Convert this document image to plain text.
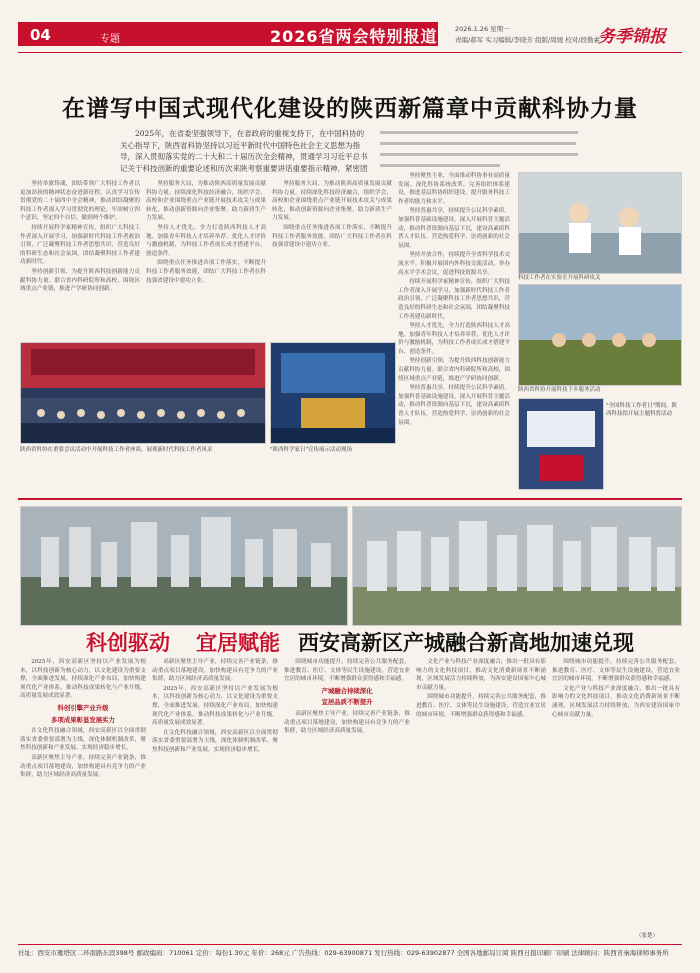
04	专题	2026省两会特别报道	2026.1.26 星期一
责编/郝军 实习编辑/李晓芳 组版/周媛 校对/段勤素
务季锦报
在谱写中国式现代化建设的陕西新篇章中贡献科协力量
2025年，在省委坚强领导下，在省政府的重视支持下，在中国科协的关心指导下，陕西省科协坚持以习近平新时代中国特色社会主义思想为指导，深入贯彻落实党的二十大和二十届历次全会精神，贯通学习习近平总书记关于科技创新的重要论述和历次来陕考察重要讲话重要指示精神，紧密团

坚持举旗铸魂，团结带领广大科技工作者以更加昂扬的精神状态奋进新征程。认真学习宣传贯彻党的二十届四中全会精神，推动团结凝聚的科技工作者深入学习贯彻党的理论，牢固树立四个意识，坚定四个自信，做到两个维护。

持续开展科学家精神宣传，组织广大科技工作者深入开展学习，加强新时代科技工作者政治引领，广泛凝聚科技工作者思想共识，营造良好的科研生态和社会氛围，团结凝聚科技工作者建功新时代。

坚持创新引领，为提升陕西科技创新能力贡献科协力量。联合省内科研院所和高校，围绕区域重点产业链，推进产学研协同创新。

坚持服务大局，为推动陕西高质量发展贡献科协力量。持续深化科技经济融合，组织学会、高校和企业围绕重点产业链开展技术攻关与成果转化，推动创新资源向企业集聚，助力新质生产力发展。

坚持人才优先，全力打造陕西科技人才高地。加强青年科技人才培养举荐，优化人才评价与激励机制，为科技工作者成长成才搭建平台、创造条件。

围绕重点任务推进各项工作落实，不断提升科技工作者服务效能，团结广大科技工作者在科技强省建设中建功立业。

坚持服务大局，为推动陕西高质量发展贡献科协力量。持续深化科技经济融合，组织学会、高校和企业围绕重点产业链开展技术攻关与成果转化，推动创新资源向企业集聚，助力新质生产力发展。

围绕重点任务推进各项工作落实，不断提升科技工作者服务效能，团结广大科技工作者在科技强省建设中建功立业。

坚持聚焦主业，全面推动科协事业高质量发展。深化科协系统改革，完善组织体系建设，推进基层科协组织建设，提升服务科技工作者的能力和水平。

坚持普惠共享，持续提升公民科学素质。加强科普基础设施建设，深入开展科普主题活动，推动科普资源向基层下沉，建设高素质科普人才队伍，营造热爱科学、崇尚创新的社会氛围。

坚持开放合作，持续提升全省科学技术交流水平。积极开展国内外科技交流活动，举办高水平学术会议，促进科技资源共享。

持续开展科学家精神宣传，组织广大科技工作者深入开展学习，加强新时代科技工作者政治引领，广泛凝聚科技工作者思想共识，营造良好的科研生态和社会氛围，团结凝聚科技工作者建功新时代。

坚持人才优先，全力打造陕西科技人才高地。加强青年科技人才培养举荐，优化人才评价与激励机制，为科技工作者成长成才搭建平台、创造条件。

坚持创新引领，为提升陕西科技创新能力贡献科协力量。联合省内科研院所和高校，围绕区域重点产业链，推进产学研协同创新。

坚持普惠共享，持续提升公民科学素质。加强科普基础设施建设，深入开展科普主题活动，推动科普资源向基层下沉，建设高素质科普人才队伍，营造热爱科学、崇尚创新的社会氛围。

陕西省科协在重要会议活动中开展科技工作者座谈，展现新时代科技工作者风采	"陕西科学家日"宣传展示活动现场
科技工作者在实验室开展科研攻关
陕西省科协开展科技下乡服务活动
"全国科技工作者日"期间，陕西科技馆开展主题科普活动
科创驱动 宜居赋能 西安高新区产城融合新高地加速兑现

2025年，西安高新区坚持以产业发展为根本，以科技创新为核心动力，以文化建设为重要支撑，全面推进发展，持续深化产业布局，加快构建现代化产业体系，推动科技成果转化与产业升级，高质量发展成效显著。

科创引擎产业升级
多项成果彰显发展实力

在文化科技融合领域，西安高新区以全面贯彻落实省委重要部署为主线，深化体制机制改革，聚焦科技创新和产业发展，实现经济稳步增长。

高新区聚焦主导产业，持续完善产业链条，推动重点项目落地建设，加快构建具有竞争力的产业集群，助力区域经济高质量发展。

高新区聚焦主导产业，持续完善产业链条，推动重点项目落地建设，加快构建具有竞争力的产业集群，助力区域经济高质量发展。

2025年，西安高新区坚持以产业发展为根本，以科技创新为核心动力，以文化建设为重要支撑，全面推进发展，持续深化产业布局，加快构建现代化产业体系，推动科技成果转化与产业升级，高质量发展成效显著。

在文化科技融合领域，西安高新区以全面贯彻落实省委重要部署为主线，深化体制机制改革，聚焦科技创新和产业发展，实现经济稳步增长。

围绕城市功能提升，持续完善公共服务配套，推进教育、医疗、文体等民生设施建设，营造宜业宜居的城市环境，不断增强群众获得感和幸福感。

产城融合持续深化
宜居品质不断提升

高新区聚焦主导产业，持续完善产业链条，推动重点项目落地建设，加快构建具有竞争力的产业集群，助力区域经济高质量发展。

文化产业与科技产业深度融合，推出一批具有影响力的文化科技项目，推动文化消费新场景不断涌现，区域发展活力持续释放，为西安建设国家中心城市贡献力量。

围绕城市功能提升，持续完善公共服务配套，推进教育、医疗、文体等民生设施建设，营造宜业宜居的城市环境，不断增强群众获得感和幸福感。

围绕城市功能提升，持续完善公共服务配套，推进教育、医疗、文体等民生设施建设，营造宜业宜居的城市环境，不断增强群众获得感和幸福感。

文化产业与科技产业深度融合，推出一批具有影响力的文化科技项目，推动文化消费新场景不断涌现，区域发展活力持续释放，为西安建设国家中心城市贡献力量。

（张楚）
社址：西安市雁塔区二环南路东段398号 邮政编码：710061 定价：每份1.30元 年价：268元 广告热线：029-63900871 发行热线：029-63902877 全国各地邮局订阅 陕西日报印刷厂印刷 法律顾问：陕西省秦海律师事务所
